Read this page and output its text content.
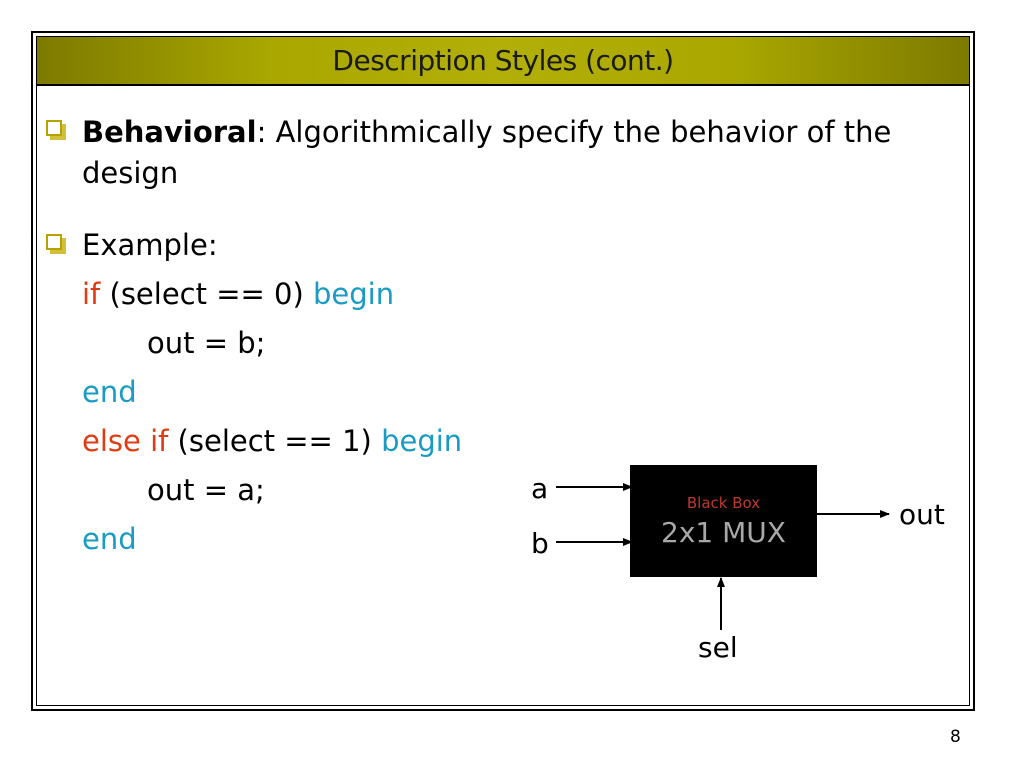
Description Styles (cont.)
Behavioral: Algorithmically specify the behavior of the
design
Example:
if (select == 0) begin
out = b;
end
else if (select == 1) begin
out = a;
end
Black Box
2x1 MUX
a
b
out
sel
8
